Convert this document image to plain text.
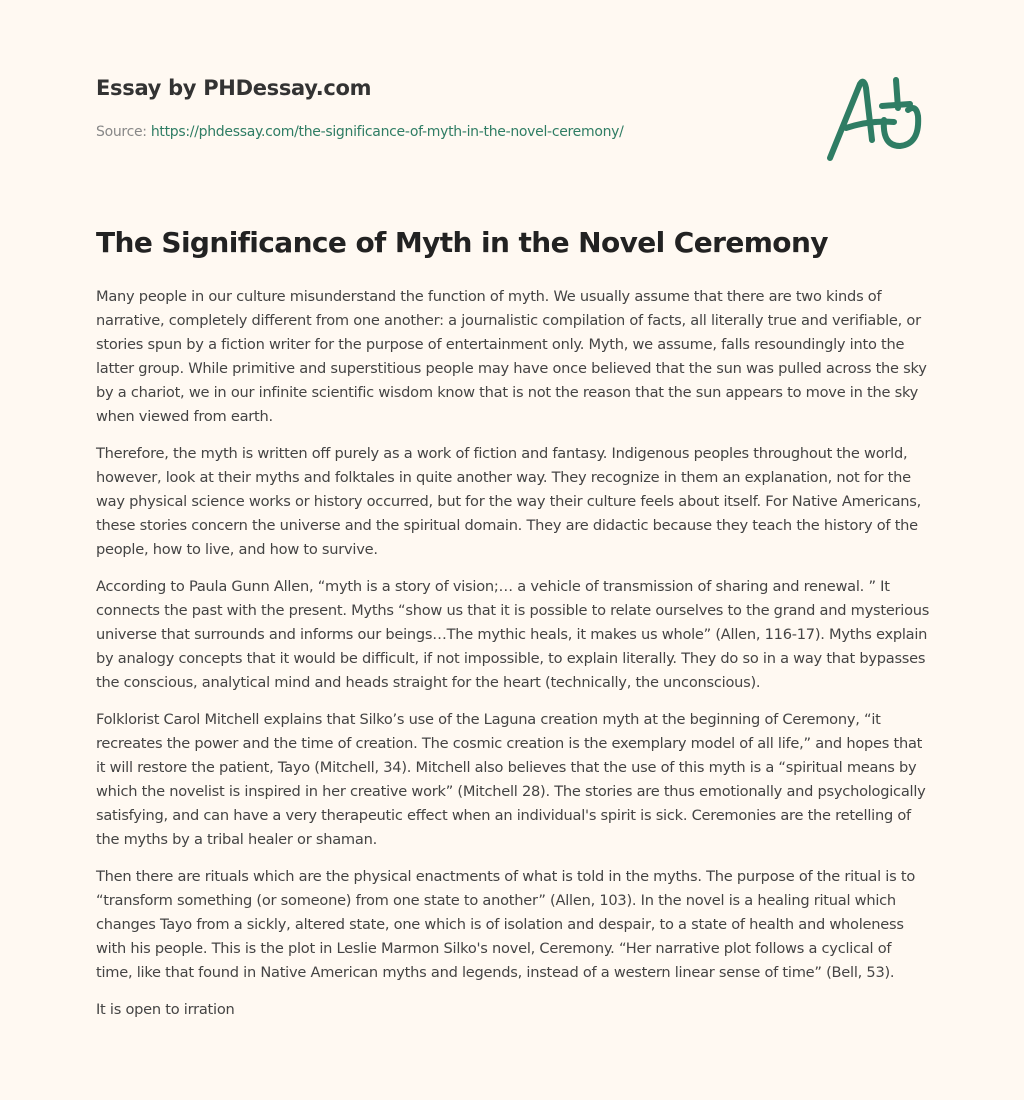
Essay by PHDessay.com

Source: https://phdessay.com/the-significance-of-myth-in-the-novel-ceremony/
The Significance of Myth in the Novel Ceremony

Many people in our culture misunderstand the function of myth. We usually assume that there are two kinds of narrative, completely different from one another: a journalistic compilation of facts, all literally true and verifiable, or stories spun by a fiction writer for the purpose of entertainment only. Myth, we assume, falls resoundingly into the latter group. While primitive and superstitious people may have once believed that the sun was pulled across the sky by a chariot, we in our infinite scientific wisdom know that is not the reason that the sun appears to move in the sky when viewed from earth.

Therefore, the myth is written off purely as a work of fiction and fantasy. Indigenous peoples throughout the world, however, look at their myths and folktales in quite another way. They recognize in them an explanation, not for the way physical science works or history occurred, but for the way their culture feels about itself. For Native Americans, these stories concern the universe and the spiritual domain. They are didactic because they teach the history of the people, how to live, and how to survive.

According to Paula Gunn Allen, “myth is a story of vision;… a vehicle of transmission of sharing and renewal. ” It connects the past with the present. Myths “show us that it is possible to relate ourselves to the grand and mysterious universe that surrounds and informs our beings…The mythic heals, it makes us whole” (Allen, 116-17). Myths explain by analogy concepts that it would be difficult, if not impossible, to explain literally. They do so in a way that bypasses the conscious, analytical mind and heads straight for the heart (technically, the unconscious).

Folklorist Carol Mitchell explains that Silko’s use of the Laguna creation myth at the beginning of Ceremony, “it recreates the power and the time of creation. The cosmic creation is the exemplary model of all life,” and hopes that it will restore the patient, Tayo (Mitchell, 34). Mitchell also believes that the use of this myth is a “spiritual means by which the novelist is inspired in her creative work” (Mitchell 28). The stories are thus emotionally and psychologically satisfying, and can have a very therapeutic effect when an individual's spirit is sick. Ceremonies are the retelling of the myths by a tribal healer or shaman.

Then there are rituals which are the physical enactments of what is told in the myths. The purpose of the ritual is to “transform something (or someone) from one state to another” (Allen, 103). In the novel is a healing ritual which changes Tayo from a sickly, altered state, one which is of isolation and despair, to a state of health and wholeness with his people. This is the plot in Leslie Marmon Silko's novel, Ceremony. “Her narrative plot follows a cyclical of time, like that found in Native American myths and legends, instead of a western linear sense of time” (Bell, 53).

It is open to irration
